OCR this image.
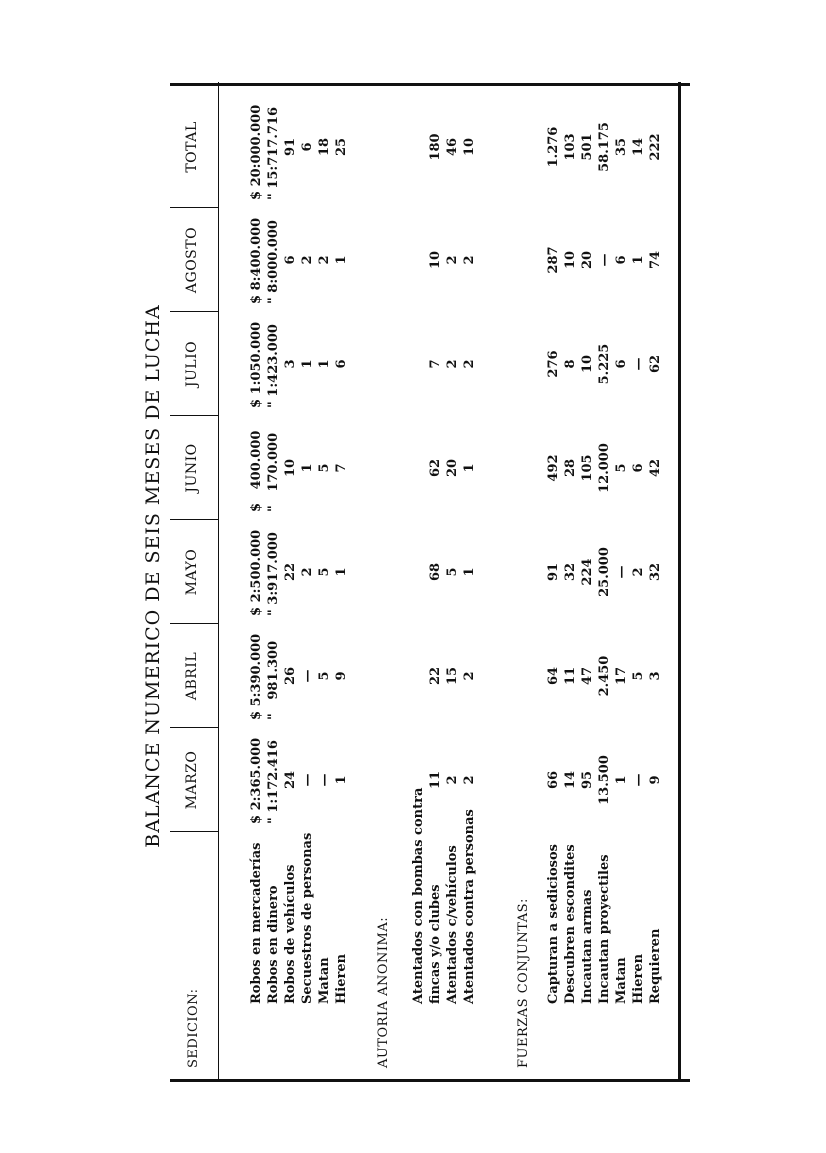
BALANCE NUMERICO DE SEIS MESES DE LUCHA MARZO
ABRIL
MAYO
JUNIO
JULIO
AGOSTO
TOTAL
SEDICION:	AUTORIA ANONIMA:	FUERZAS CONJUNTAS:
Robos en mercaderías
$ 2:365.000
$ 5:390.000
$ 2:500.000
$   400.000
$ 1:050.000
$ 8:400.000
$ 20:000.000
Robos en dinero
" 1:172.416
"   981.300
" 3:917.000
"   170.000
" 1:423.000
" 8:000.000
" 15:717.716
Robos de vehículos
24
26
22
10
3
6
91
Secuestros de personas
—
—
2
1
1
2
6
Matan
—
5
5
5
1
2
18
Hieren
1
9
1
7
6
1
25
Atentados con bombas contra fincas y/o clubes
11
22
68
62
7
10
180
Atentados c/vehículos
2
15
5
20
2
2
46
Atentados contra personas
2
2
1
1
2
2
10
Capturan a sediciosos
66
64
91
492
276
287
1.276
Descubren escondites
14
11
32
28
8
10
103
Incautan armas
95
47
224
105
10
20
501
Incautan proyectiles
13.500
2.450
25.000
12.000
5.225
—
58.175
Matan
1
17
—
5
6
6
35
Hieren
—
5
2
6
—
1
14
Requieren
9
3
32
42
62
74
222
